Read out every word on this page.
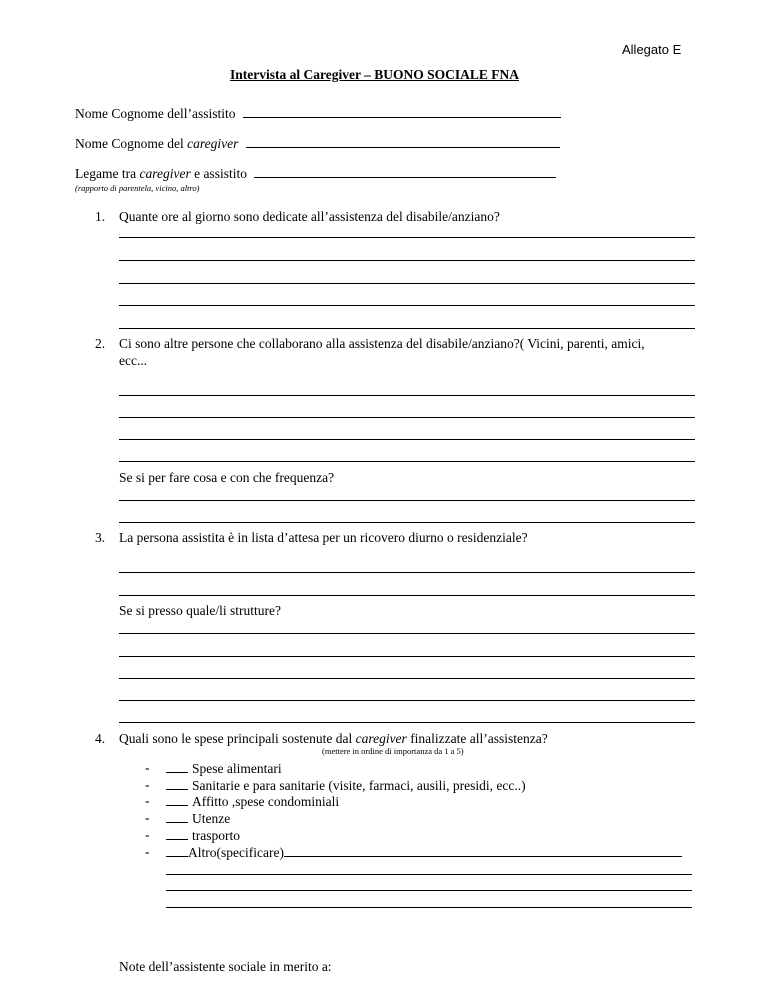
Allegato E
Intervista al Caregiver – BUONO SOCIALE FNA
Nome Cognome dell’assistito
Nome Cognome del caregiver
Legame tra caregiver e assistito
(rapporto di parentela, vicino, altro)
1. Quante ore al giorno sono dedicate all’assistenza del disabile/anziano?
2. Ci sono altre persone che collaborano alla assistenza del disabile/anziano?( Vicini, parenti, amici,
ecc...
Se si per fare cosa e con che frequenza?
3. La persona assistita è in lista d’attesa per un ricovero diurno o residenziale?
Se si presso quale/li strutture?
4. Quali sono le spese principali sostenute dal caregiver finalizzate all’assistenza?
(mettere in ordine di importanza da 1 a 5)
-	Spese alimentari
-	Sanitarie e para sanitarie (visite, farmaci, ausili, presidi, ecc..)
-	Affitto ,spese condominiali
-	Utenze
-	trasporto
-	Altro(specificare)
Note dell’assistente sociale in merito a:
